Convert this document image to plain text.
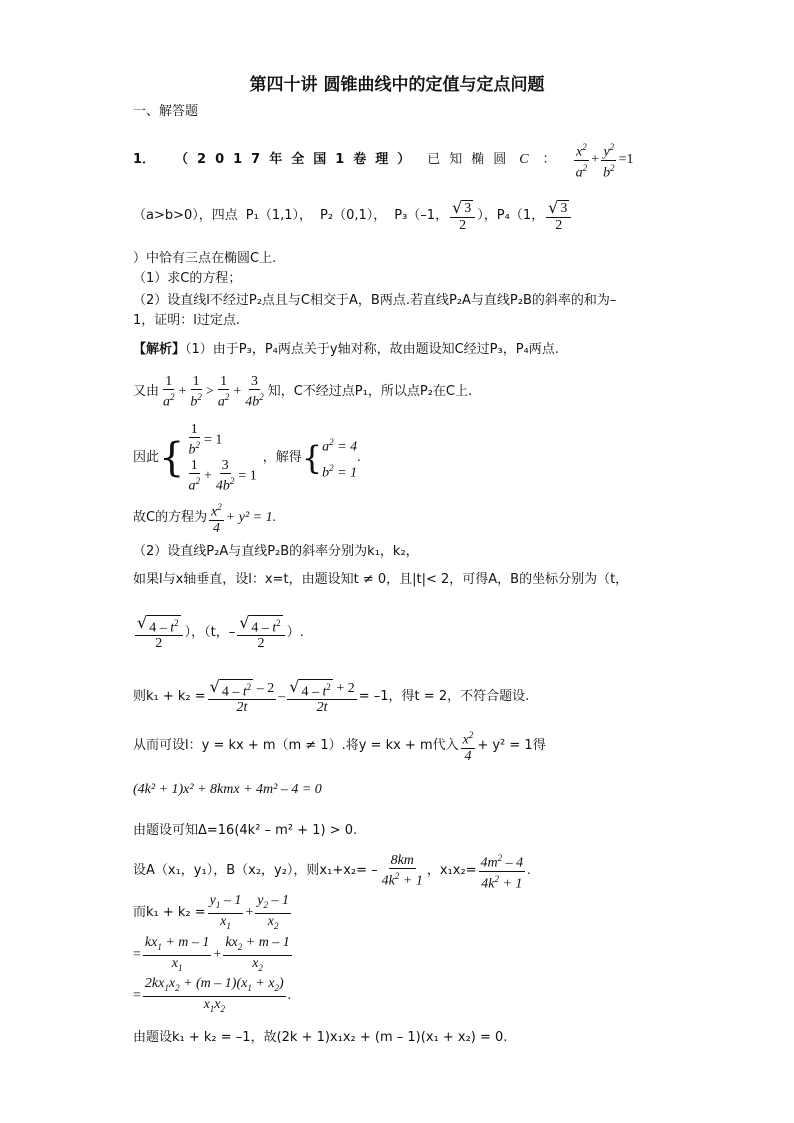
第四十讲 圆锥曲线中的定值与定点问题
一、解答题
1． （2017年全国1卷理） 已知椭圆 C ： $\frac{x^2}{a^2} + \frac{y^2}{b^2} =1$
（a>b>0），四点 P₁（1,1）， P₂（0,1）， P₃（–1， $\frac{√ 3}{2}$ ），P₄（1， $\frac{√ 3}{2}$
）中恰有三点在椭圆C上.
（1）求C的方程；
（2）设直线l不经过P₂点且与C相交于A，B两点.若直线P₂A与直线P₂B的斜率的和为–
1，证明：l过定点.
【解析】（1）由于P₃，P₄两点关于y轴对称，故由题设知C经过P₃，P₄两点.
又由 $\frac{1}{a^2} + \frac{1}{b^2} > \frac{1}{a^2} + \frac{3}{4b^2}$ 知，C不经过点P₁，所以点P₂在C上.
因此 { $\frac{1}{b^2} = 1$
$\frac{1}{a^2} + \frac{3}{4b^2} = 1$
，解得 { $a^2 = 4$
$b^2 = 1$
.
故C的方程为 $\frac{x^2}{4} + y^2 = 1$.
（2）设直线P₂A与直线P₂B的斜率分别为k₁，k₂，
如果l与x轴垂直，设l：x=t，由题设知t ≠ 0，且|t|< 2，可得A，B的坐标分别为（t，
$\frac{√ 4 - t^2}{2}$ ），（t，– $\frac{√ 4 - t^2}{2}$ ）.
则$k_1 + k_2 = \frac{√ 4 - t^2 - 2}{2t} - \frac{√ 4 - t^2 + 2}{2t} = -1$，得t = 2，不符合题设.
从而可设l：y = kx + m（m ≠ 1）.将y = kx + m代入 $\frac{x^2}{4} + y^2 = 1$得
(4k² + 1)x² + 8kmx + 4m² – 4 = 0
由题设可知Δ=16(4k² – m² + 1) > 0.
设A（x₁，y₁），B（x₂，y₂），则$x_1+x_2= - \frac{8km}{4k^2 + 1}$ ，$x_1x_2= \frac{4m^2 - 4}{4k^2 + 1}$ .
而$k_1 + k_2 = \frac{y_1 - 1}{x_1} + \frac{y_2 - 1}{x_2}$
= $\frac{kx_1 + m - 1}{x_1} + \frac{kx_2 + m - 1}{x_2}$
= $\frac{2kx_1x_2 + (m - 1)(x_1 + x_2)}{x_1x_2}$ .
由题设k₁ + k₂ = –1，故(2k + 1)x₁x₂ + (m – 1)(x₁ + x₂) = 0.
